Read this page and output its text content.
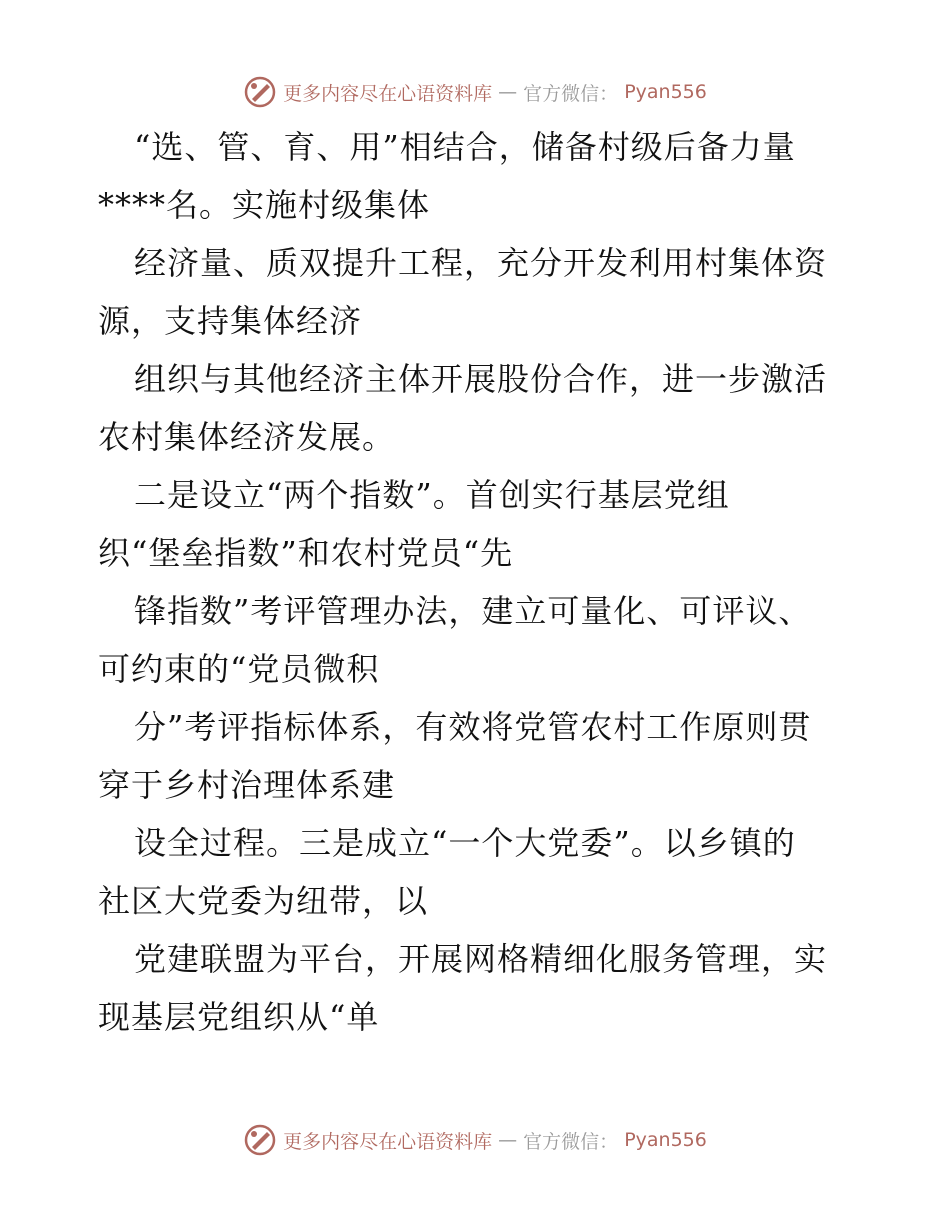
更多内容尽在心语资料库 — 官方微信： Pyan556
“选、管、育、用”相结合，储备村级后备力量
****名。实施村级集体
经济量、质双提升工程，充分开发利用村集体资
源，支持集体经济
组织与其他经济主体开展股份合作，进一步激活
农村集体经济发展。
二是设立“两个指数”。首创实行基层党组
织“堡垒指数”和农村党员“先
锋指数”考评管理办法，建立可量化、可评议、
可约束的“党员微积
分”考评指标体系，有效将党管农村工作原则贯
穿于乡村治理体系建
设全过程。三是成立“一个大党委”。以乡镇的
社区大党委为纽带，以
党建联盟为平台，开展网格精细化服务管理，实
现基层党组织从“单
更多内容尽在心语资料库 — 官方微信： Pyan556
